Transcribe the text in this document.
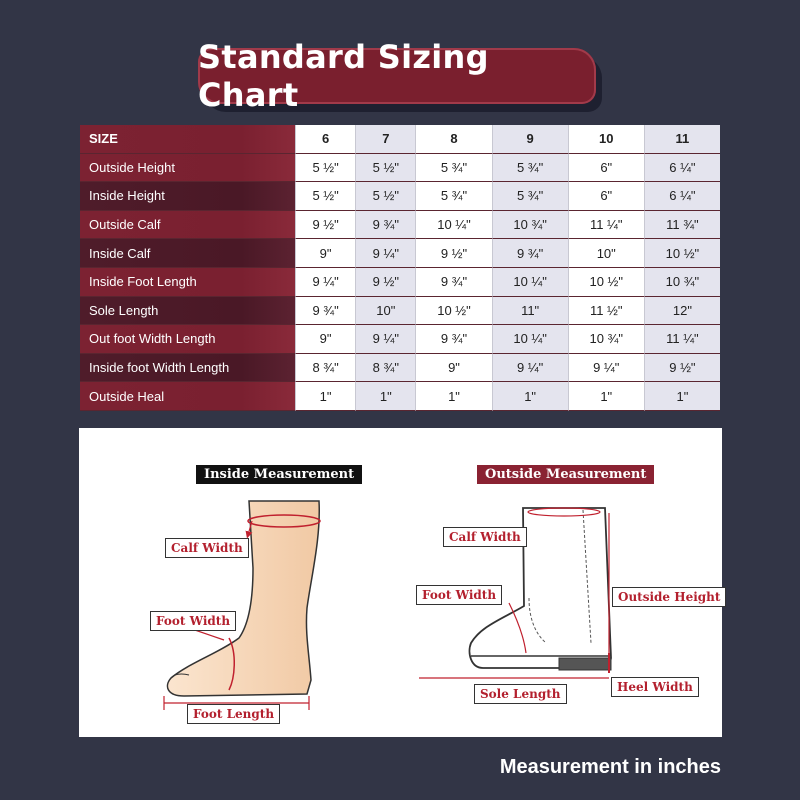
Standard Sizing Chart
SIZE	6	7	8	9	10	11
Outside Height	5 ½"	5 ½"	5 ¾"	5 ¾"	6"	6 ¼"
Inside Height	5 ½"	5 ½"	5 ¾"	5 ¾"	6"	6 ¼"
Outside Calf	9 ½"	9 ¾"	10 ¼"	10 ¾"	11 ¼"	11 ¾"
Inside Calf	9"	9 ¼"	9 ½"	9 ¾"	10"	10 ½"
Inside Foot Length	9 ¼"	9 ½"	9 ¾"	10 ¼"	10 ½"	10 ¾"
Sole Length	9 ¾"	10"	10 ½"	11"	11 ½"	12"
Out foot Width Length	9"	9 ¼"	9 ¾"	10 ¼"	10 ¾"	11 ¼"
Inside foot Width Length	8 ¾"	8 ¾"	9"	9 ¼"	9 ¼"	9 ½"
Outside Heal	1"	1"	1"	1"	1"	1"
Inside Measurement	Outside Measurement
Calf Width
Foot Width
Foot Length
Calf Width
Foot Width	Outside Height
Sole Length	Heel Width
Measurement in inches
